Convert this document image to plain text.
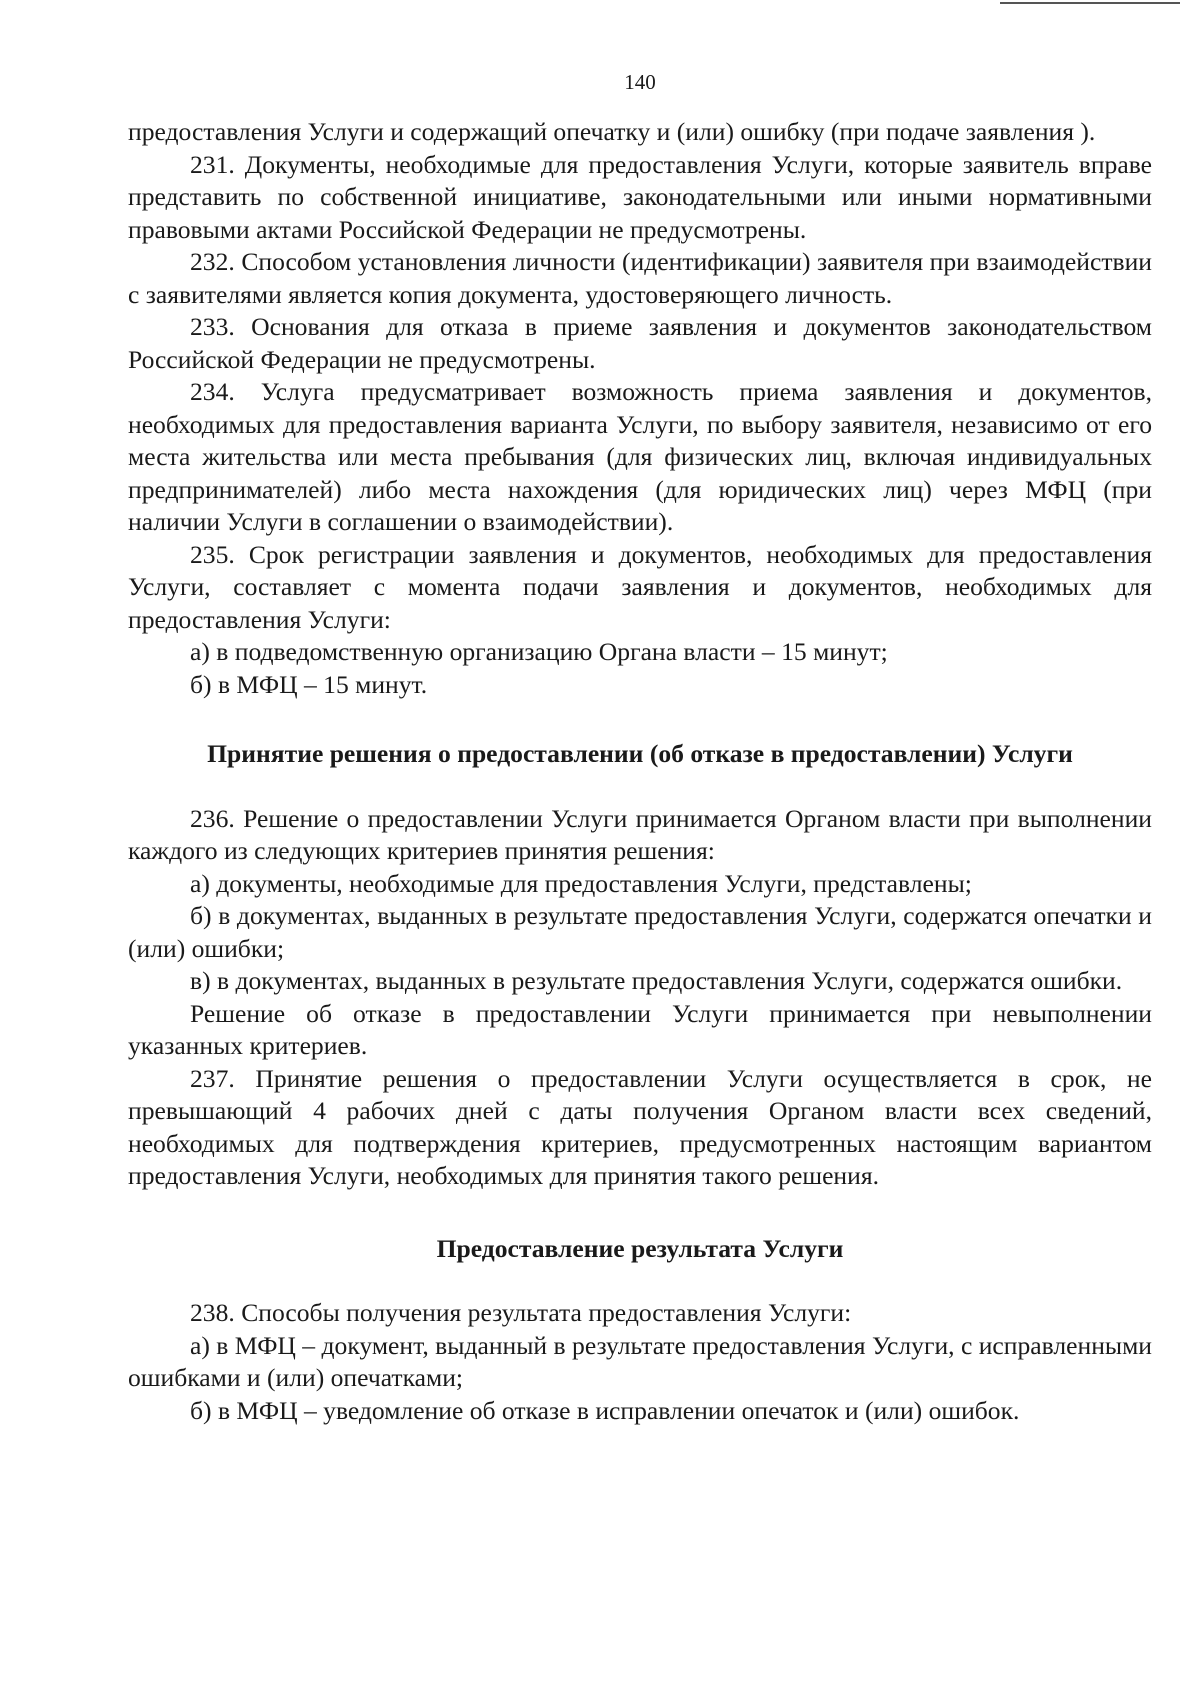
140

предоставления Услуги и содержащий опечатку и (или) ошибку (при подаче заявления ).

231. Документы, необходимые для предоставления Услуги, которые заявитель вправе представить по собственной инициативе, законодательными или иными нормативными правовыми актами Российской Федерации не предусмотрены.

232. Способом установления личности (идентификации) заявителя при взаимодействии с заявителями является копия документа, удостоверяющего личность.

233. Основания для отказа в приеме заявления и документов законодательством Российской Федерации не предусмотрены.

234. Услуга предусматривает возможность приема заявления и документов, необходимых для предоставления варианта Услуги, по выбору заявителя, независимо от его места жительства или места пребывания (для физических лиц, включая индивидуальных предпринимателей) либо места нахождения (для юридических лиц) через МФЦ (при наличии Услуги в соглашении о взаимодействии).

235. Срок регистрации заявления и документов, необходимых для предоставления Услуги, составляет с момента подачи заявления и документов, необходимых для предоставления Услуги:

а) в подведомственную организацию Органа власти – 15 минут;

б) в МФЦ – 15 минут.

Принятие решения о предоставлении (об отказе в предоставлении) Услуги

236. Решение о предоставлении Услуги принимается Органом власти при выполнении каждого из следующих критериев принятия решения:

а) документы, необходимые для предоставления Услуги, представлены;

б) в документах, выданных в результате предоставления Услуги, содержатся опечатки и (или) ошибки;

в) в документах, выданных в результате предоставления Услуги, содержатся ошибки.

Решение об отказе в предоставлении Услуги принимается при невыполнении указанных критериев.

237. Принятие решения о предоставлении Услуги осуществляется в срок, не превышающий 4 рабочих дней с даты получения Органом власти всех сведений, необходимых для подтверждения критериев, предусмотренных настоящим вариантом предоставления Услуги, необходимых для принятия такого решения.

Предоставление результата Услуги

238. Способы получения результата предоставления Услуги:

а) в МФЦ – документ, выданный в результате предоставления Услуги, с исправленными ошибками и (или) опечатками;

б) в МФЦ – уведомление об отказе в исправлении опечаток и (или) ошибок.
